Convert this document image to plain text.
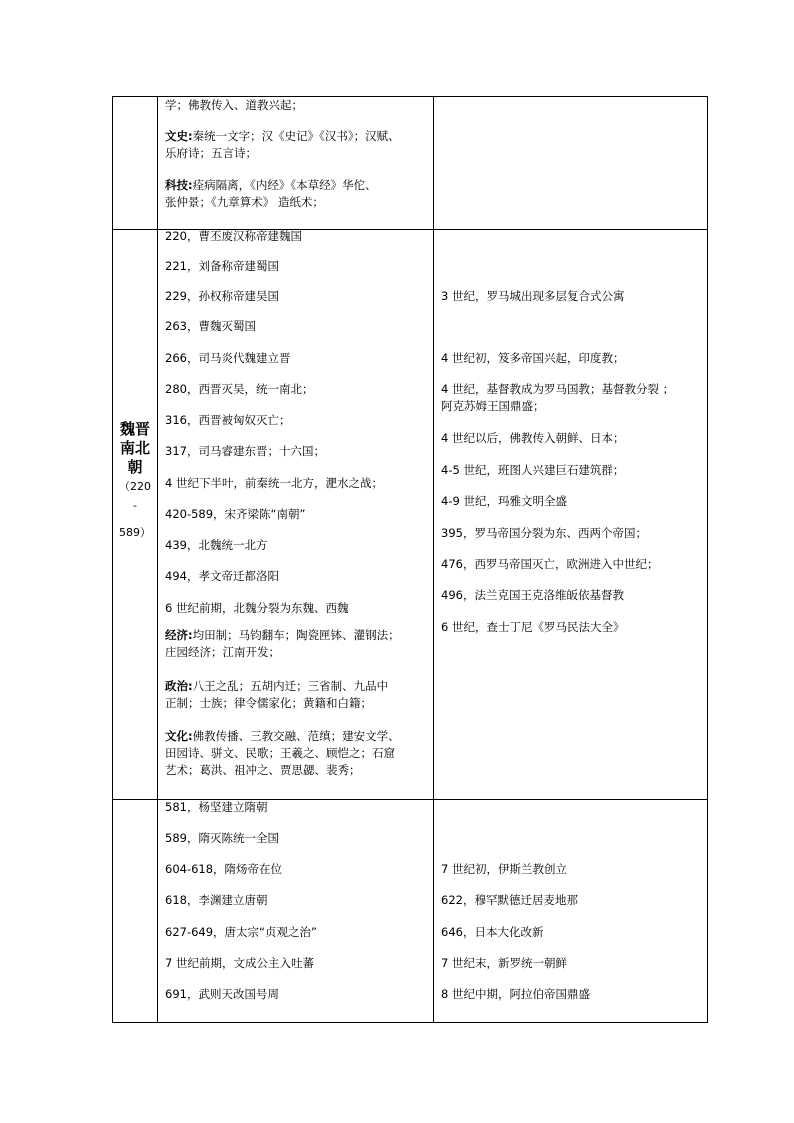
学；佛教传入、道教兴起；
文史:秦统一文字；汉《史记》《汉书》；汉赋、
乐府诗；五言诗；
科技:痊病隔离，《内经》《本草经》华佗、
张仲景；《九章算术》 造纸术；
魏晋
南北
朝
（220
-
589）
220，曹丕废汉称帝建魏国
221，刘备称帝建蜀国
229，孙权称帝建吴国
263，曹魏灭蜀国
266，司马炎代魏建立晋
280，西晋灭吴，统一南北；
316，西晋被匈奴灭亡；
317，司马睿建东晋；十六国；
4 世纪下半叶，前秦统一北方，淝水之战；
420-589，宋齐梁陈“南朝”
439，北魏统一北方
494，孝文帝迁都洛阳
6 世纪前期，北魏分裂为东魏、西魏
经济:均田制；马钧翻车；陶瓷匣钵、灌钢法；
庄园经济；江南开发；
政治:八王之乱；五胡内迁；三省制、九品中
正制；士族；律令儒家化；黄籍和白籍；
文化:佛教传播、三教交融、范缜；建安文学、
田园诗、骈文、民歌；王羲之、顾恺之；石窟
艺术；葛洪、祖冲之、贾思勰、裴秀；
3 世纪，罗马城出现多层复合式公寓
4 世纪初，笈多帝国兴起，印度教；
4 世纪，基督教成为罗马国教；基督教分裂 ；
阿克苏姆王国鼎盛；
4 世纪以后，佛教传入朝鲜、日本；
4-5 世纪，班图人兴建巨石建筑群；
4-9 世纪，玛雅文明全盛
395，罗马帝国分裂为东、西两个帝国；
476，西罗马帝国灭亡，欧洲进入中世纪；
496，法兰克国王克洛维皈依基督教
6 世纪，查士丁尼《罗马民法大全》
581，杨坚建立隋朝
589，隋灭陈统一全国
604-618，隋炀帝在位
618，李渊建立唐朝
627-649，唐太宗“贞观之治”
7 世纪前期，文成公主入吐蕃
691，武则天改国号周
7 世纪初，伊斯兰教创立
622，穆罕默德迁居麦地那
646，日本大化改新
7 世纪末，新罗统一朝鲜
8 世纪中期，阿拉伯帝国鼎盛
